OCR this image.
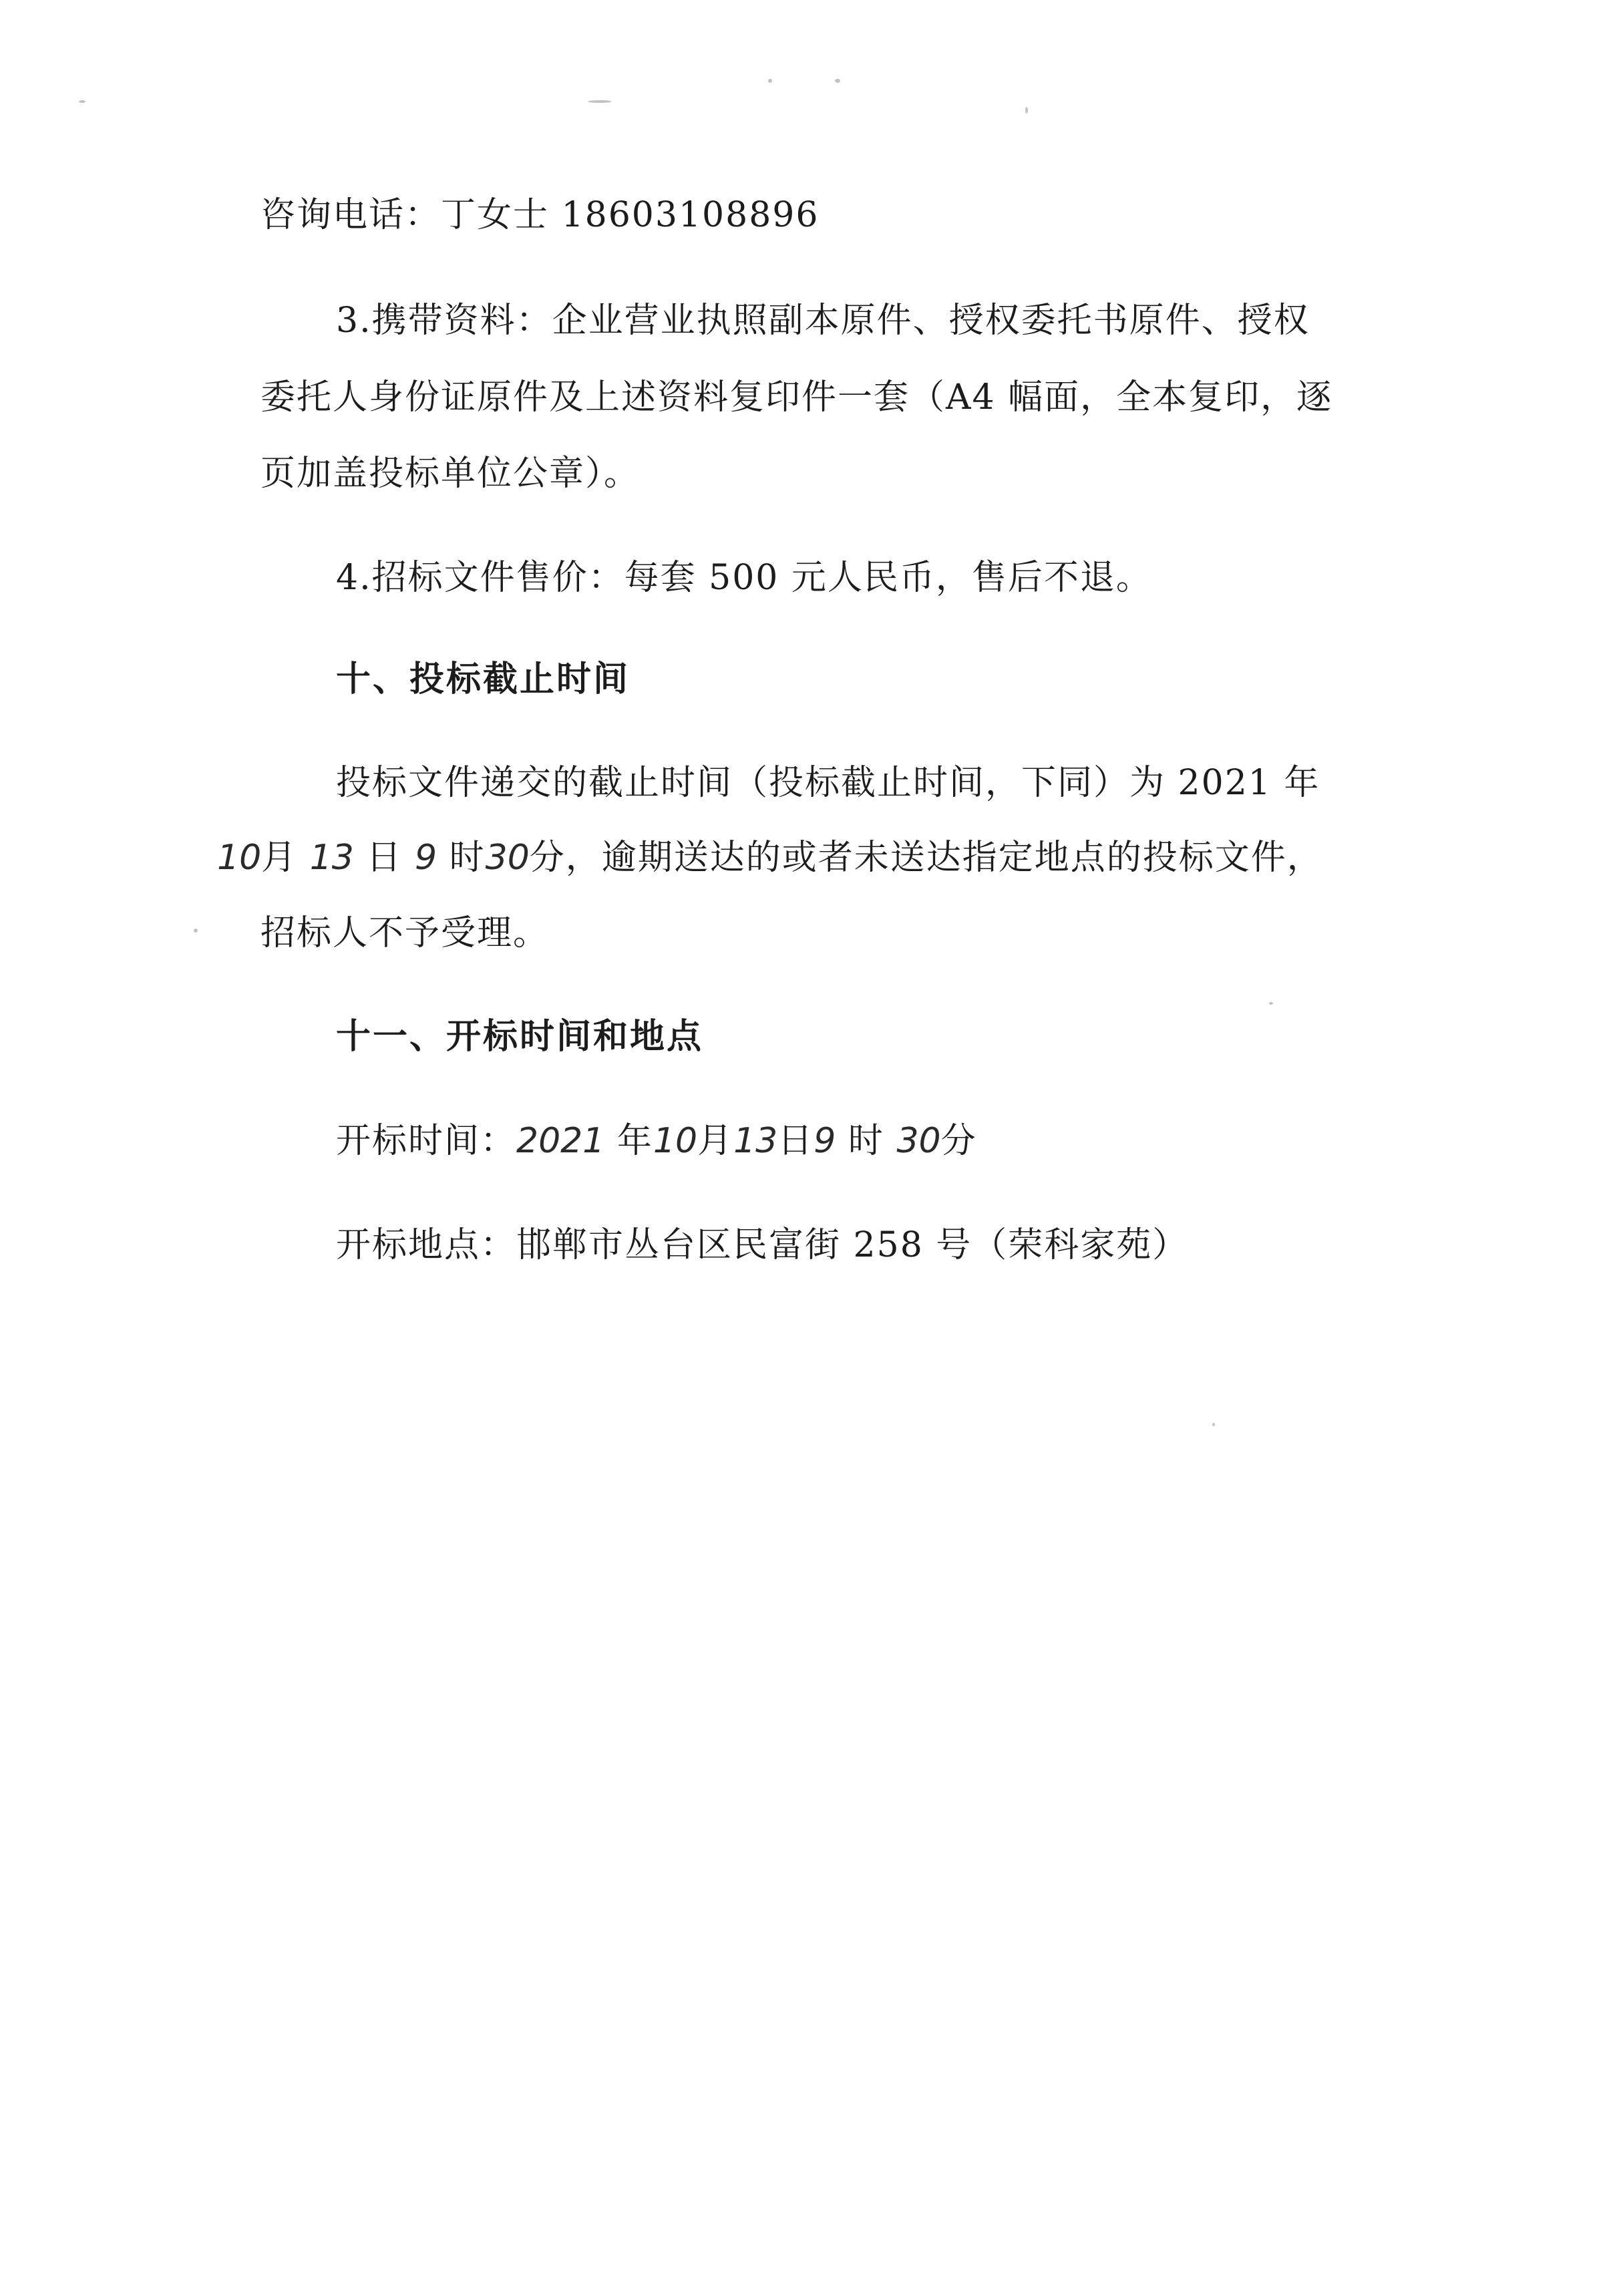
咨询电话：丁女士 18603108896
3.携带资料：企业营业执照副本原件、授权委托书原件、授权
委托人身份证原件及上述资料复印件一套（A4 幅面，全本复印，逐
页加盖投标单位公章）。
4.招标文件售价：每套 500 元人民币，售后不退。
十、投标截止时间
投标文件递交的截止时间（投标截止时间，下同）为 2021 年
10月 13 日 9 时30分，逾期送达的或者未送达指定地点的投标文件，
招标人不予受理。
十一、开标时间和地点
开标时间：2021 年10月13日9 时 30分
开标地点：邯郸市丛台区民富街 258 号（荣科家苑）
